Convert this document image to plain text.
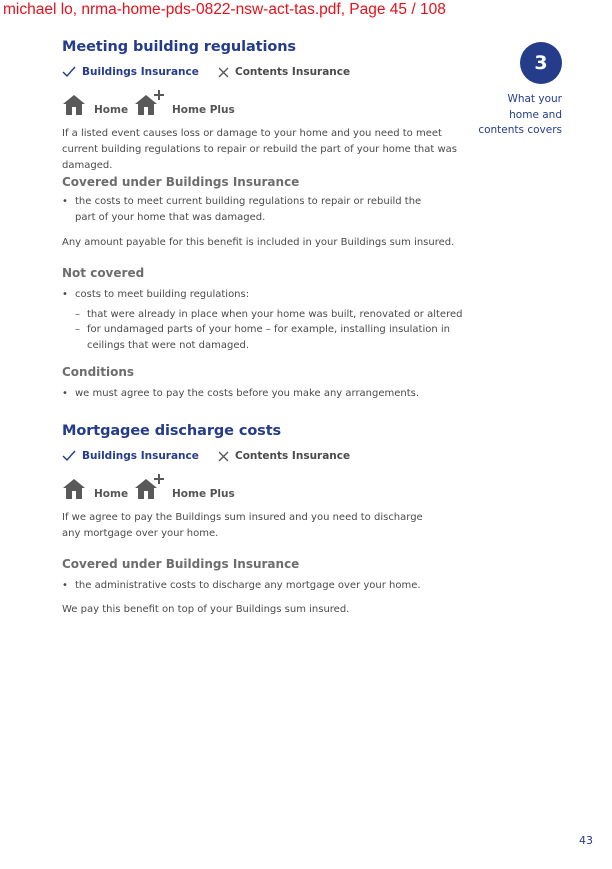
michael lo, nrma-home-pds-0822-nsw-act-tas.pdf, Page 45 / 108
Meeting building regulations
Buildings Insurance	Contents Insurance
Home	Home Plus

If a listed event causes loss or damage to your home and you need to meet current building regulations to repair or rebuild the part of your home that was damaged.

Covered under Buildings Insurance
• the costs to meet current building regulations to repair or rebuild the part of your home that was damaged.

Any amount payable for this benefit is included in your Buildings sum insured.

Not covered
• costs to meet building regulations:
– that were already in place when your home was built, renovated or altered
– for undamaged parts of your home – for example, installing insulation in ceilings that were not damaged.
Conditions
• we must agree to pay the costs before you make any arrangements.
Mortgagee discharge costs
Buildings Insurance	Contents Insurance
Home	Home Plus

If we agree to pay the Buildings sum insured and you need to discharge any mortgage over your home.

Covered under Buildings Insurance
• the administrative costs to discharge any mortgage over your home.

We pay this benefit on top of your Buildings sum insured.

3
What your
home and
contents covers
43
